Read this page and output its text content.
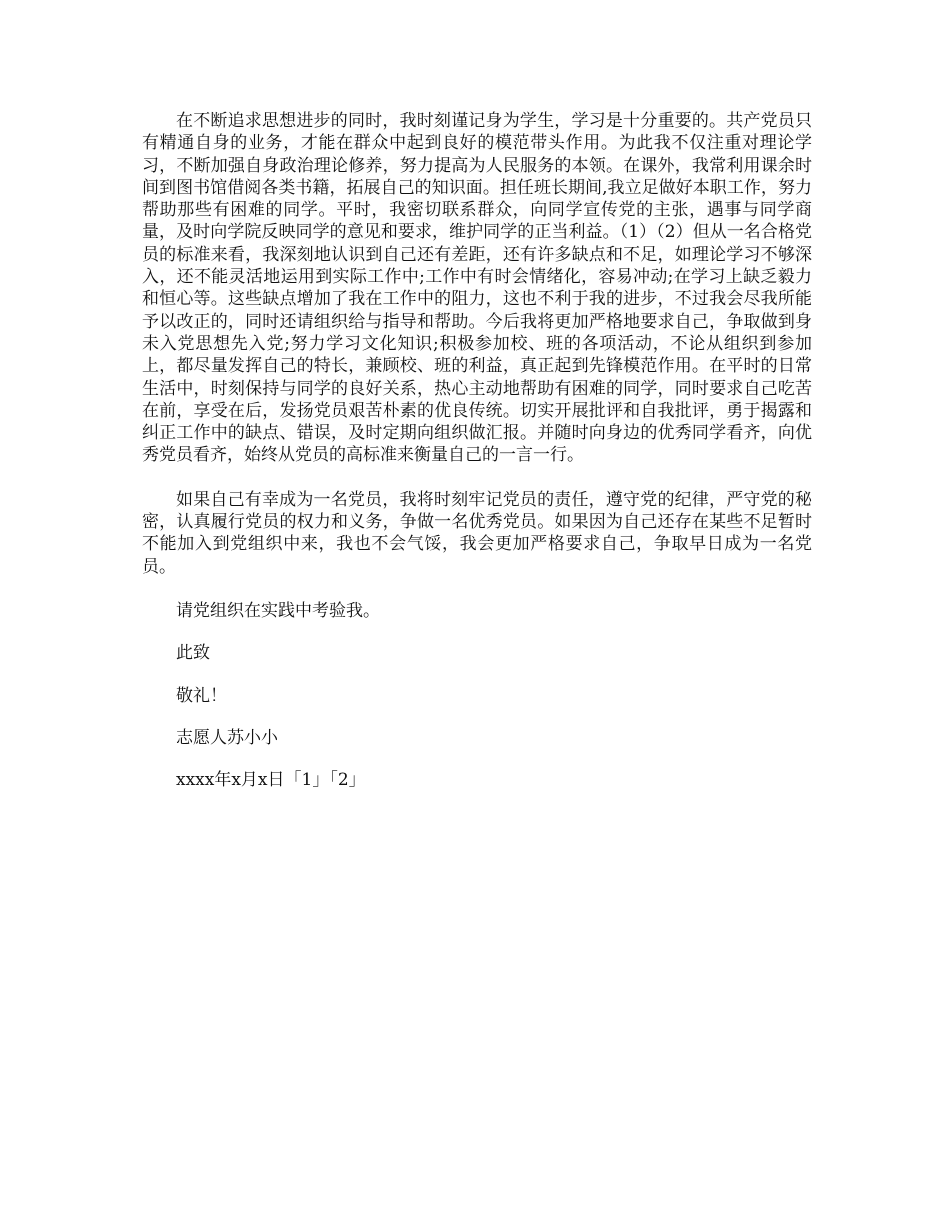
在不断追求思想进步的同时，我时刻谨记身为学生，学习是十分重要的。共产党员只有精通自身的业务，才能在群众中起到良好的模范带头作用。为此我不仅注重对理论学习，不断加强自身政治理论修养，努力提高为人民服务的本领。在课外，我常利用课余时间到图书馆借阅各类书籍，拓展自己的知识面。担任班长期间,我立足做好本职工作，努力帮助那些有困难的同学。平时，我密切联系群众，向同学宣传党的主张，遇事与同学商量，及时向学院反映同学的意见和要求，维护同学的正当利益。（1）（2）但从一名合格党员的标准来看，我深刻地认识到自己还有差距，还有许多缺点和不足，如理论学习不够深入，还不能灵活地运用到实际工作中;工作中有时会情绪化，容易冲动;在学习上缺乏毅力和恒心等。这些缺点增加了我在工作中的阻力，这也不利于我的进步，不过我会尽我所能予以改正的，同时还请组织给与指导和帮助。今后我将更加严格地要求自己，争取做到身未入党思想先入党;努力学习文化知识;积极参加校、班的各项活动，不论从组织到参加上，都尽量发挥自己的特长，兼顾校、班的利益，真正起到先锋模范作用。在平时的日常生活中，时刻保持与同学的良好关系，热心主动地帮助有困难的同学，同时要求自己吃苦在前，享受在后，发扬党员艰苦朴素的优良传统。切实开展批评和自我批评，勇于揭露和纠正工作中的缺点、错误，及时定期向组织做汇报。并随时向身边的优秀同学看齐，向优秀党员看齐，始终从党员的高标准来衡量自己的一言一行。

如果自己有幸成为一名党员，我将时刻牢记党员的责任，遵守党的纪律，严守党的秘密，认真履行党员的权力和义务，争做一名优秀党员。如果因为自己还存在某些不足暂时不能加入到党组织中来，我也不会气馁，我会更加严格要求自己，争取早日成为一名党员。

请党组织在实践中考验我。

此致

敬礼！

志愿人苏小小

xxxx年x月x日「1」「2」
